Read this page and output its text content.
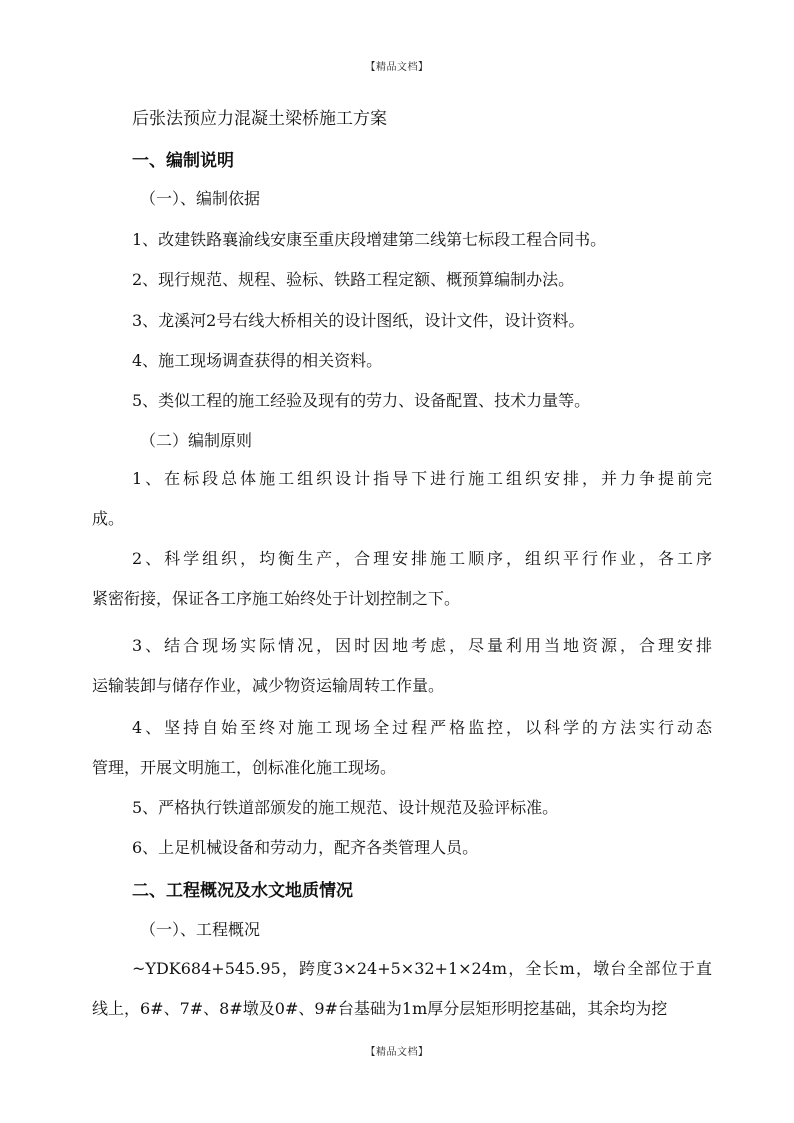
【精品文档】
后张法预应力混凝土梁桥施工方案
一、编制说明
（一）、编制依据
1、改建铁路襄渝线安康至重庆段增建第二线第七标段工程合同书。
2、现行规范、规程、验标、铁路工程定额、概预算编制办法。
3、龙溪河2号右线大桥相关的设计图纸，设计文件，设计资料。
4、施工现场调查获得的相关资料。
5、类似工程的施工经验及现有的劳力、设备配置、技术力量等。
（二）编制原则
1、在标段总体施工组织设计指导下进行施工组织安排，并力争提前完
成。
2、科学组织，均衡生产，合理安排施工顺序，组织平行作业，各工序
紧密衔接，保证各工序施工始终处于计划控制之下。
3、结合现场实际情况，因时因地考虑，尽量利用当地资源，合理安排
运输装卸与储存作业，减少物资运输周转工作量。
4、坚持自始至终对施工现场全过程严格监控，以科学的方法实行动态
管理，开展文明施工，创标准化施工现场。
5、严格执行铁道部颁发的施工规范、设计规范及验评标准。
6、上足机械设备和劳动力，配齐各类管理人员。
二、工程概况及水文地质情况
（一）、工程概况
~YDK684+545.95，跨度3×24+5×32+1×24m，全长m，墩台全部位于直
线上，6#、7#、8#墩及0#、9#台基础为1m厚分层矩形明挖基础，其余均为挖
【精品文档】
